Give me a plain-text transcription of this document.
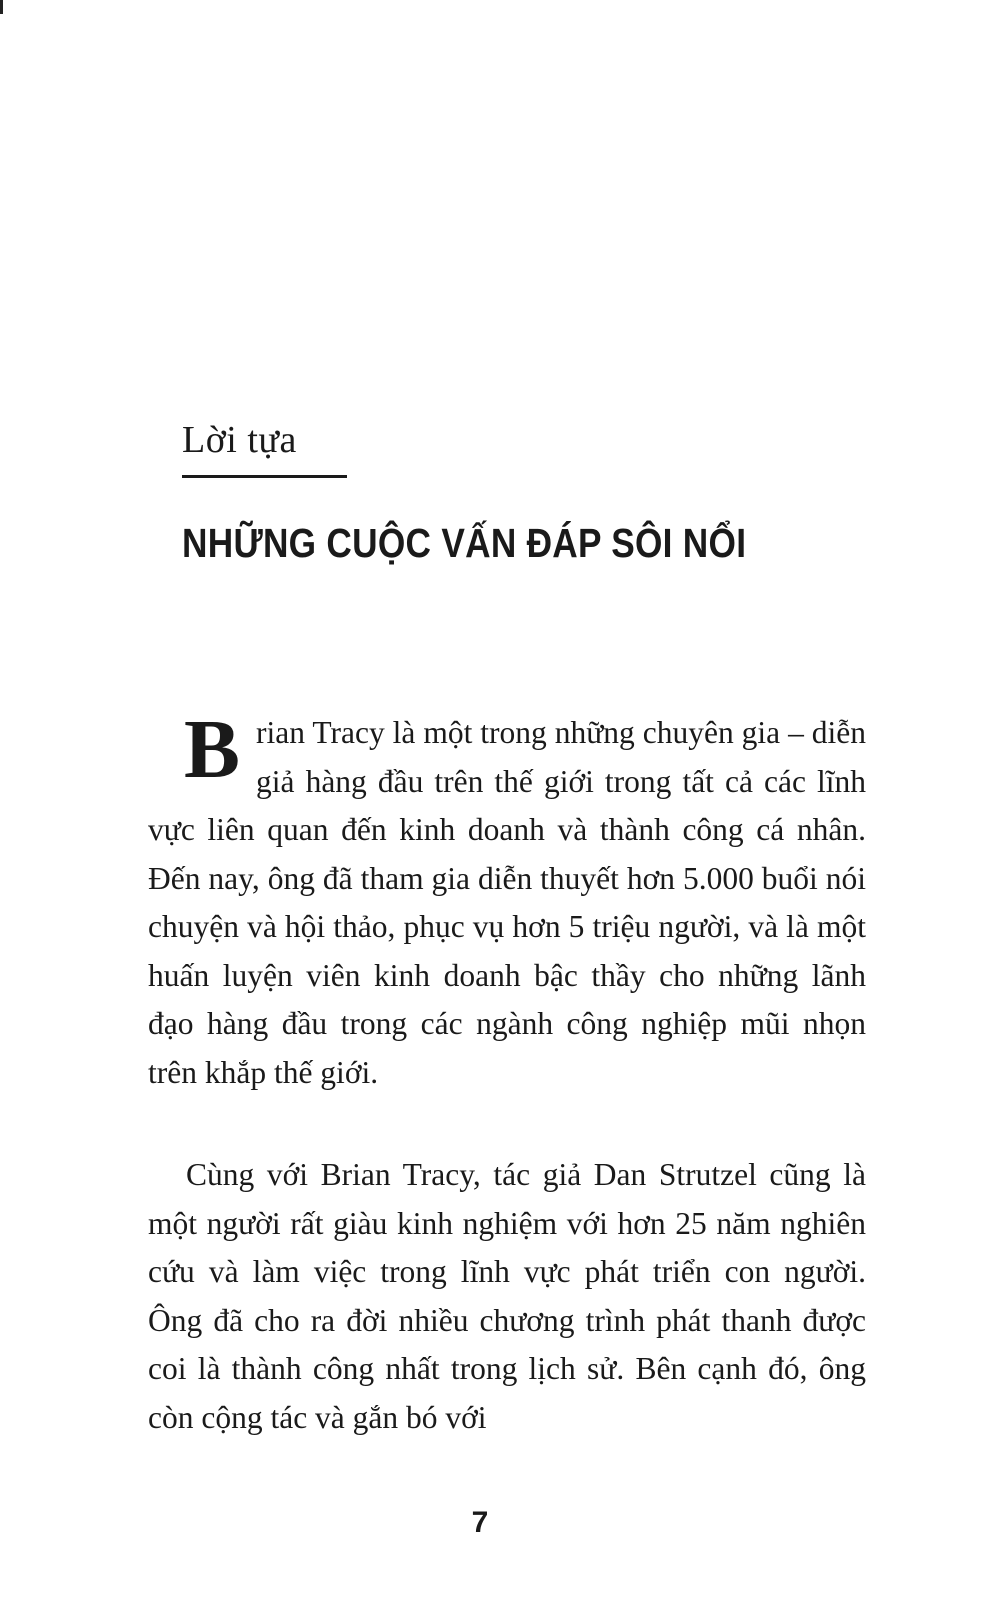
Lời tựa
NHỮNG CUỘC VẤN ĐÁP SÔI NỔI

Brian Tracy là một trong những chuyên gia – diễn giả hàng đầu trên thế giới trong tất cả các lĩnh vực liên quan đến kinh doanh và thành công cá nhân. Đến nay, ông đã tham gia diễn thuyết hơn 5.000 buổi nói chuyện và hội thảo, phục vụ hơn 5 triệu người, và là một huấn luyện viên kinh doanh bậc thầy cho những lãnh đạo hàng đầu trong các ngành công nghiệp mũi nhọn trên khắp thế giới.

Cùng với Brian Tracy, tác giả Dan Strutzel cũng là một người rất giàu kinh nghiệm với hơn 25 năm nghiên cứu và làm việc trong lĩnh vực phát triển con người. Ông đã cho ra đời nhiều chương trình phát thanh được coi là thành công nhất trong lịch sử. Bên cạnh đó, ông còn cộng tác và gắn bó với

7
